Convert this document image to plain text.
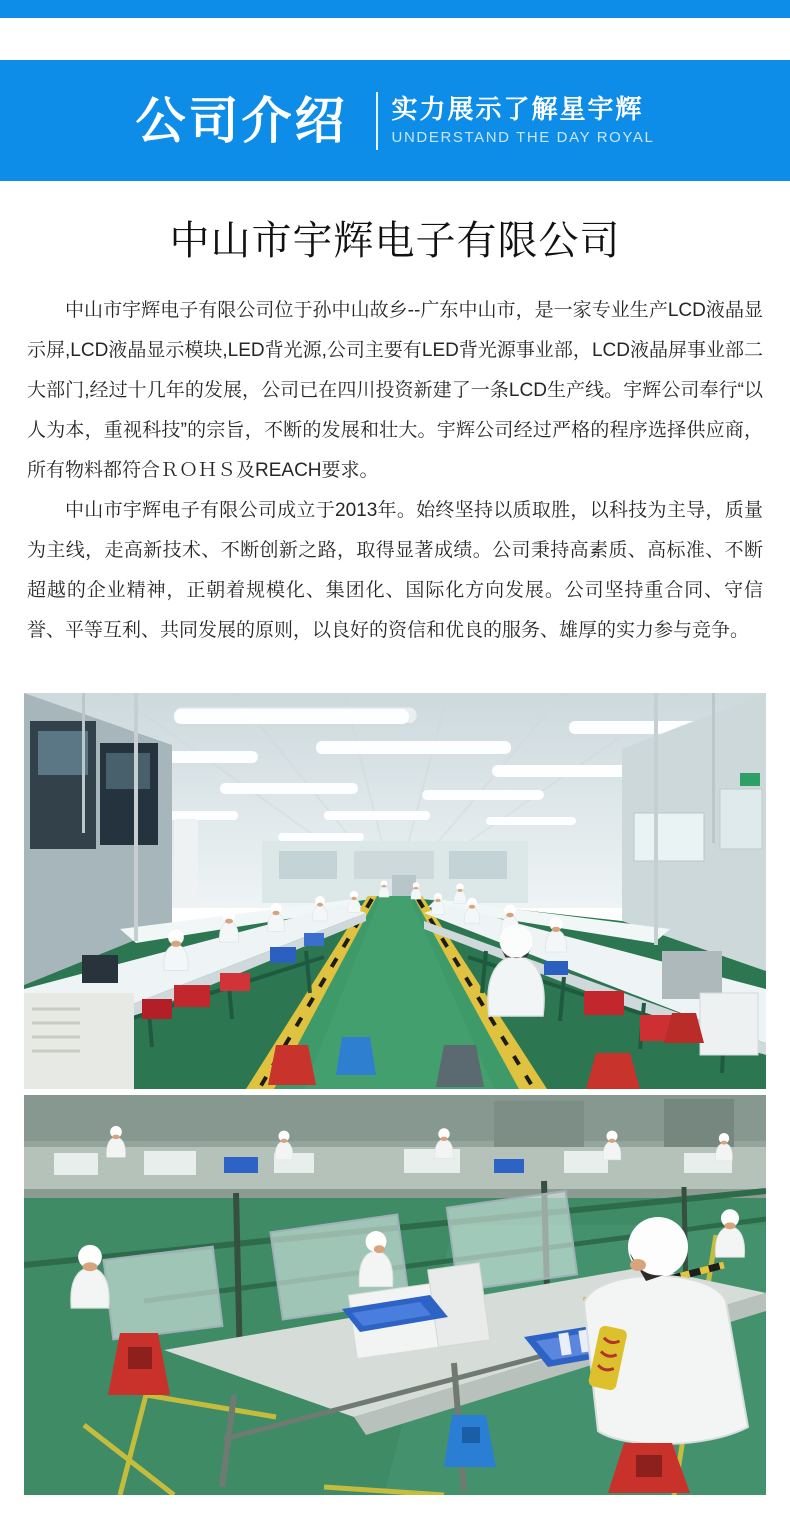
公司介绍 实力展示了解星宇辉
UNDERSTAND THE DAY ROYAL
中山市宇辉电子有限公司

中山市宇辉电子有限公司位于孙中山故乡--广东中山市，是一家专业生产LCD液晶显示屏,LCD液晶显示模块,LED背光源,公司主要有LED背光源事业部，LCD液晶屏事业部二大部门,经过十几年的发展，公司已在四川投资新建了一条LCD生产线。宇辉公司奉行“以人为本，重视科技”的宗旨，不断的发展和壮大。宇辉公司经过严格的程序选择供应商，所有物料都符合ＲＯＨＳ及REACH要求。

中山市宇辉电子有限公司成立于2013年。始终坚持以质取胜，以科技为主导，质量为主线，走高新技术、不断创新之路，取得显著成绩。公司秉持高素质、高标准、不断超越的企业精神，正朝着规模化、集团化、国际化方向发展。公司坚持重合同、守信誉、平等互利、共同发展的原则，以良好的资信和优良的服务、雄厚的实力参与竞争。
